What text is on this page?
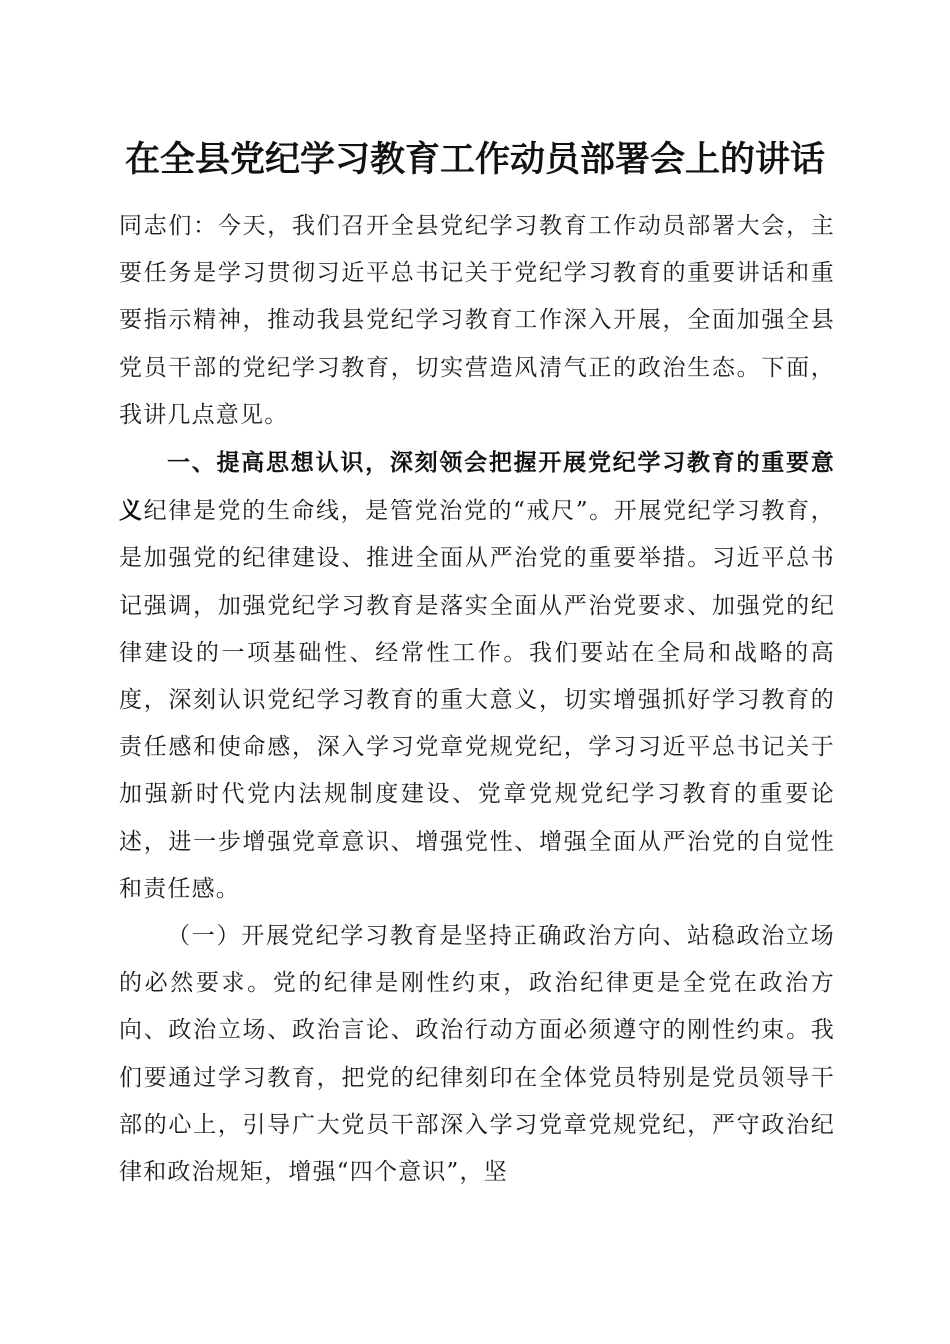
在全县党纪学习教育工作动员部署会上的讲话

同志们：今天，我们召开全县党纪学习教育工作动员部署大会，主要任务是学习贯彻习近平总书记关于党纪学习教育的重要讲话和重要指示精神，推动我县党纪学习教育工作深入开展，全面加强全县党员干部的党纪学习教育，切实营造风清气正的政治生态。下面，我讲几点意见。

一、提高思想认识，深刻领会把握开展党纪学习教育的重要意义纪律是党的生命线，是管党治党的“戒尺”。开展党纪学习教育，是加强党的纪律建设、推进全面从严治党的重要举措。习近平总书记强调，加强党纪学习教育是落实全面从严治党要求、加强党的纪律建设的一项基础性、经常性工作。我们要站在全局和战略的高度，深刻认识党纪学习教育的重大意义，切实增强抓好学习教育的责任感和使命感，深入学习党章党规党纪，学习习近平总书记关于加强新时代党内法规制度建设、党章党规党纪学习教育的重要论述，进一步增强党章意识、增强党性、增强全面从严治党的自觉性和责任感。

（一）开展党纪学习教育是坚持正确政治方向、站稳政治立场的必然要求。党的纪律是刚性约束，政治纪律更是全党在政治方向、政治立场、政治言论、政治行动方面必须遵守的刚性约束。我们要通过学习教育，把党的纪律刻印在全体党员特别是党员领导干部的心上，引导广大党员干部深入学习党章党规党纪，严守政治纪律和政治规矩，增强“四个意识”，坚
